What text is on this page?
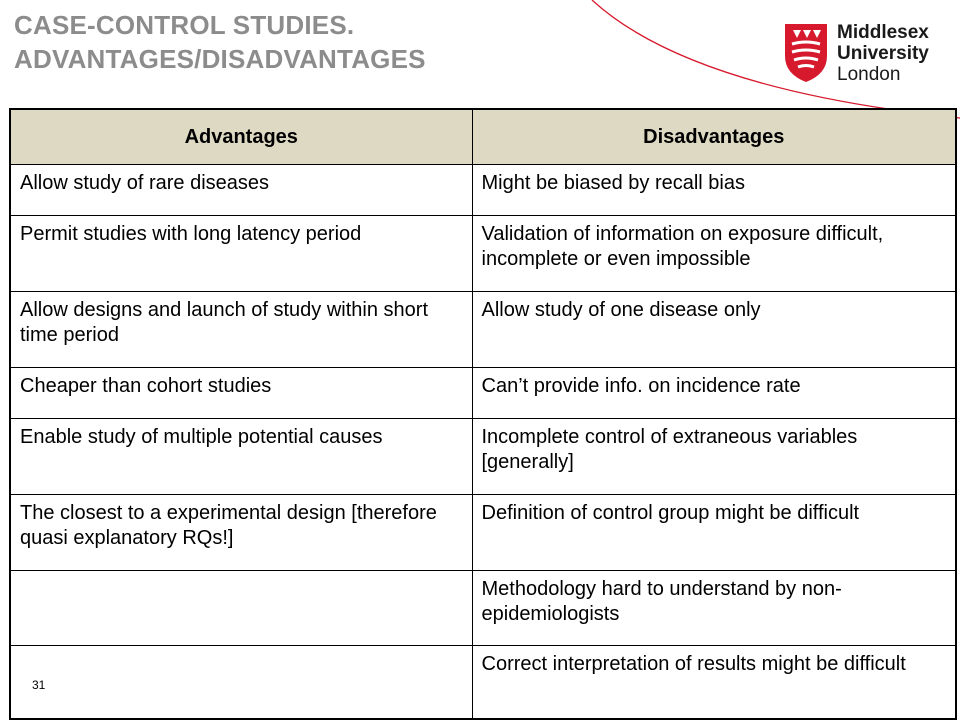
CASE-CONTROL STUDIES.
ADVANTAGES/DISADVANTAGES
Middlesex
University
London
Advantages	Disadvantages
Allow study of rare diseases	Might be biased by recall bias
Permit studies with long latency period	Validation of information on exposure difficult, incomplete or even impossible
Allow designs and launch of study within short time period	Allow study of one disease only
Cheaper than cohort studies	Can’t provide info. on incidence rate
Enable study of multiple potential causes	Incomplete control of extraneous variables [generally]
The closest to a experimental design [therefore quasi explanatory RQs!]	Definition of control group might be difficult
	Methodology hard to understand by non-epidemiologists
	Correct interpretation of results might be difficult
31
